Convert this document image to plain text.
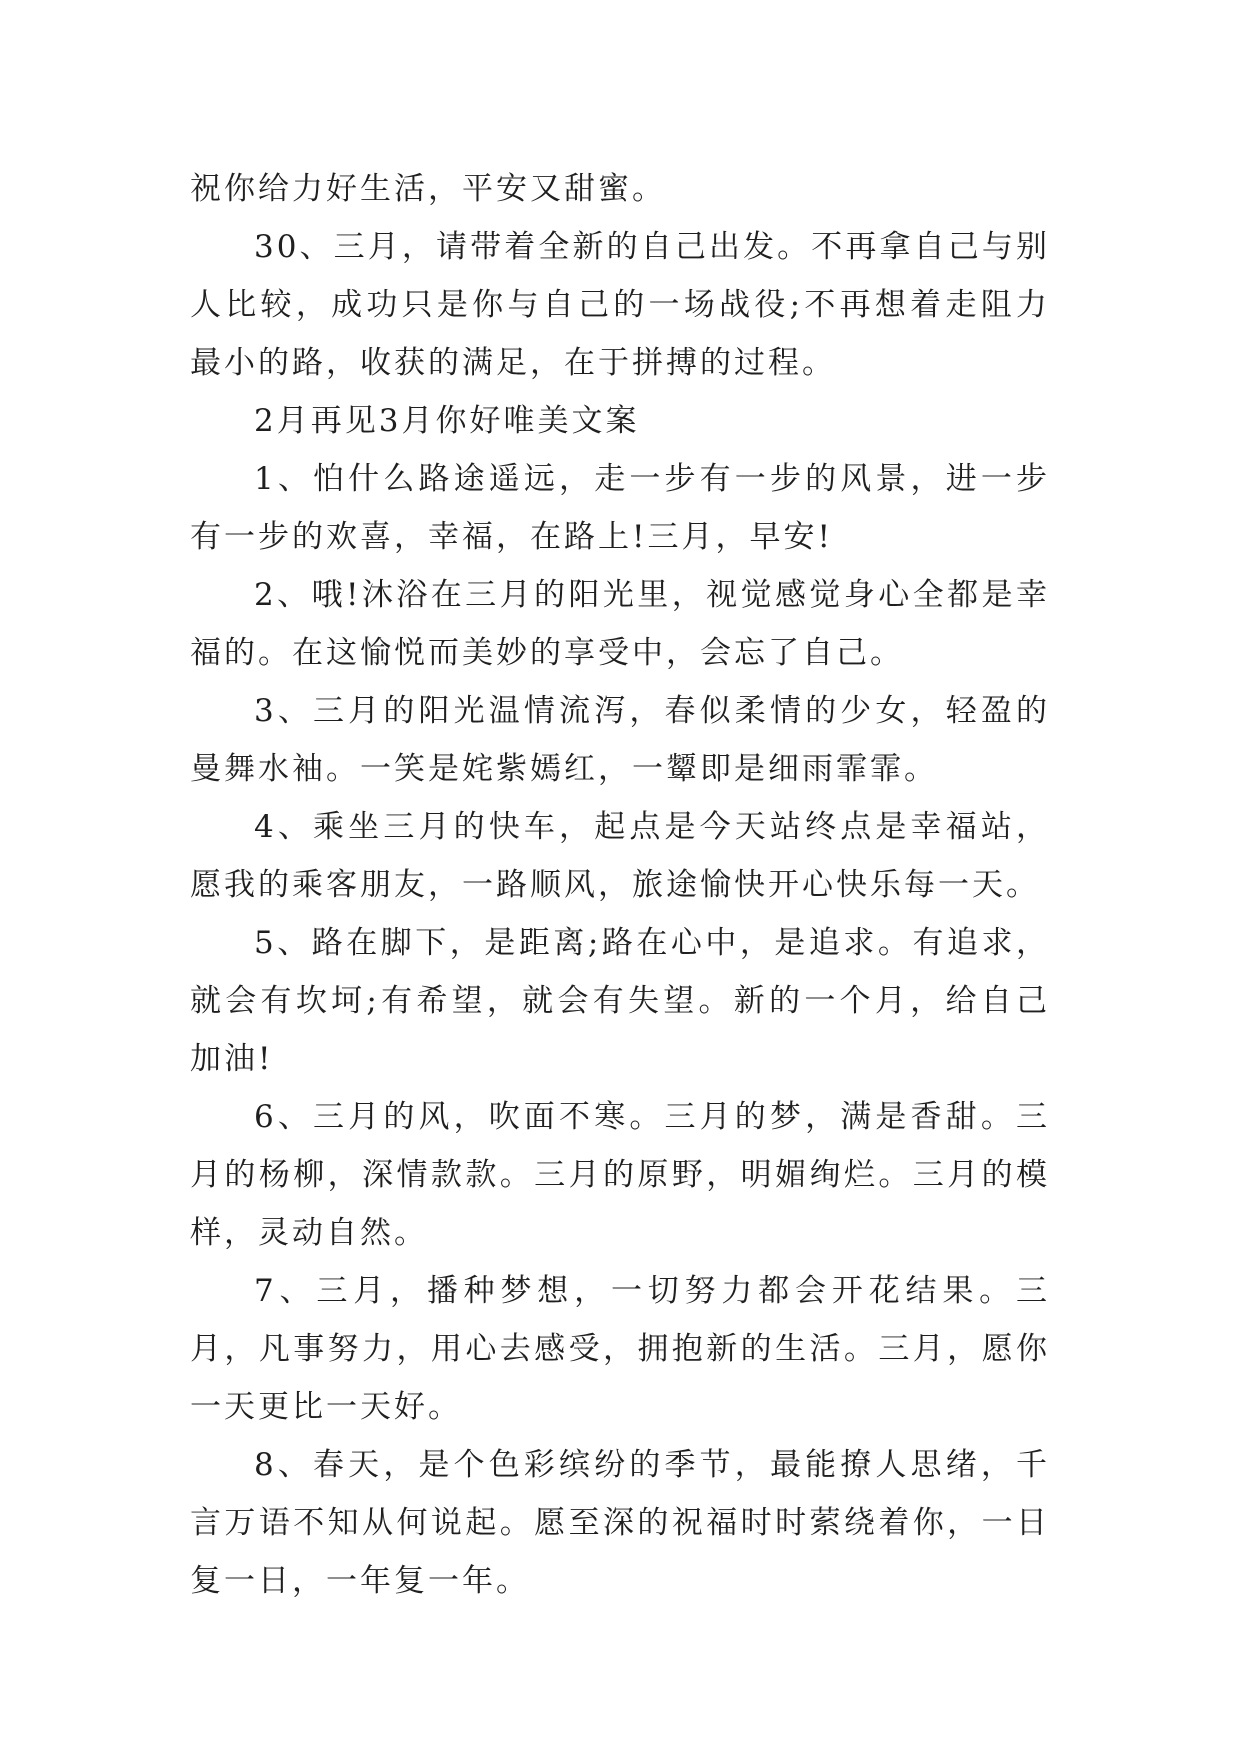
祝你给力好生活，平安又甜蜜。

30、三月，请带着全新的自己出发。不再拿自己与别人比较，成功只是你与自己的一场战役;不再想着走阻力最小的路，收获的满足，在于拼搏的过程。

2月再见3月你好唯美文案

1、怕什么路途遥远，走一步有一步的风景，进一步有一步的欢喜，幸福，在路上!三月，早安!

2、哦!沐浴在三月的阳光里，视觉感觉身心全都是幸福的。在这愉悦而美妙的享受中，会忘了自己。

3、三月的阳光温情流泻，春似柔情的少女，轻盈的曼舞水袖。一笑是姹紫嫣红，一颦即是细雨霏霏。

4、乘坐三月的快车，起点是今天站终点是幸福站，愿我的乘客朋友，一路顺风，旅途愉快开心快乐每一天。

5、路在脚下，是距离;路在心中，是追求。有追求，就会有坎坷;有希望，就会有失望。新的一个月，给自己加油!

6、三月的风，吹面不寒。三月的梦，满是香甜。三月的杨柳，深情款款。三月的原野，明媚绚烂。三月的模样，灵动自然。

7、三月，播种梦想，一切努力都会开花结果。三月，凡事努力，用心去感受，拥抱新的生活。三月，愿你一天更比一天好。

8、春天，是个色彩缤纷的季节，最能撩人思绪，千言万语不知从何说起。愿至深的祝福时时萦绕着你，一日复一日，一年复一年。
